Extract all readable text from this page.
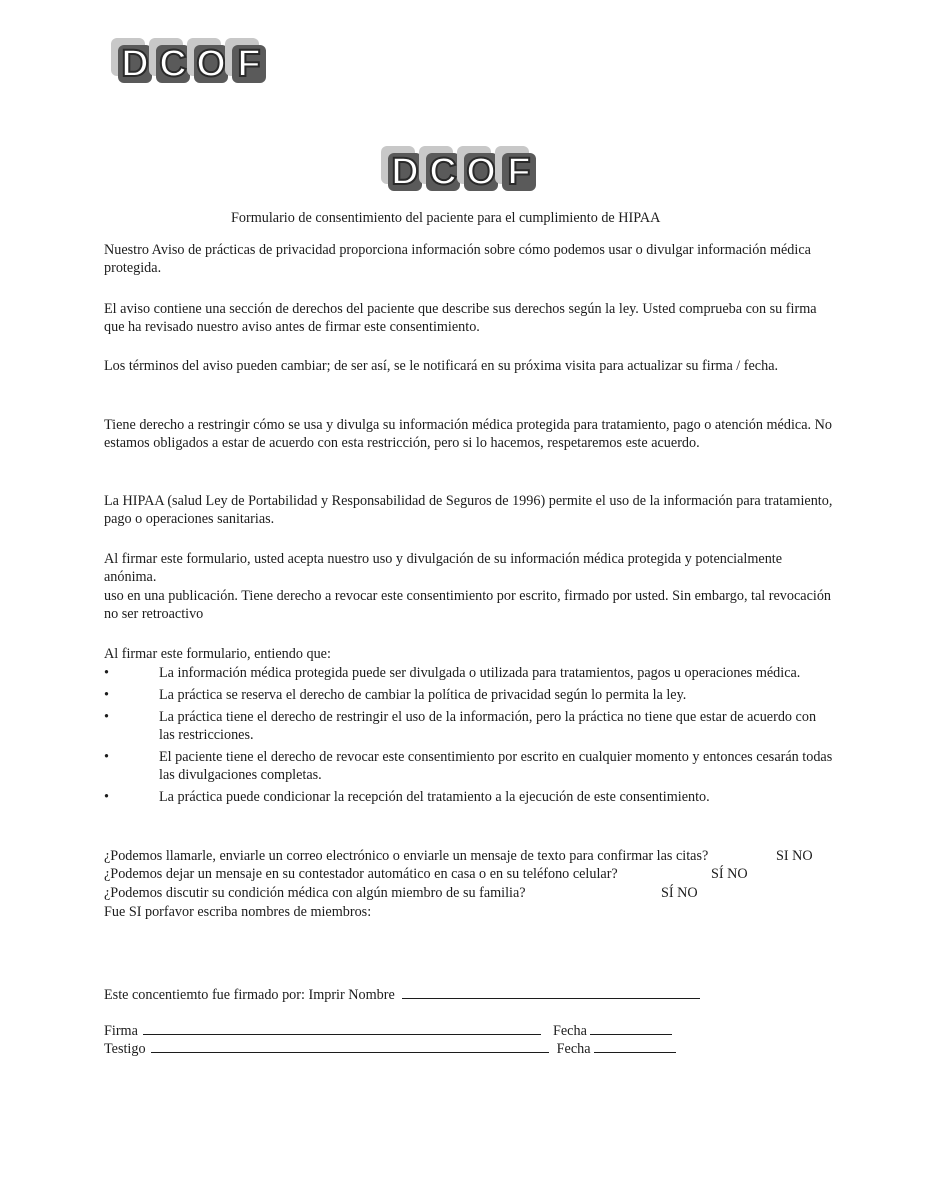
D C O F
D C O F
Formulario de consentimiento del paciente para el cumplimiento de HIPAA
Nuestro Aviso de prácticas de privacidad proporciona información sobre cómo podemos usar o divulgar información médica protegida.
El aviso contiene una sección de derechos del paciente que describe sus derechos según la ley. Usted comprueba con su firma que ha revisado nuestro aviso antes de firmar este consentimiento.
Los términos del aviso pueden cambiar; de ser así, se le notificará en su próxima visita para actualizar su firma / fecha.
Tiene derecho a restringir cómo se usa y divulga su información médica protegida para tratamiento, pago o atención médica. No estamos obligados a estar de acuerdo con esta restricción, pero si lo hacemos, respetaremos este acuerdo.
La HIPAA (salud Ley de Portabilidad y Responsabilidad de Seguros de 1996) permite el uso de la información para tratamiento, pago o operaciones sanitarias.
Al firmar este formulario, usted acepta nuestro uso y divulgación de su información médica protegida y potencialmente anónima.
uso en una publicación. Tiene derecho a revocar este consentimiento por escrito, firmado por usted. Sin embargo, tal revocación no ser retroactivo
Al firmar este formulario, entiendo que:
•	La información médica protegida puede ser divulgada o utilizada para tratamientos, pagos u operaciones médica.
•	La práctica se reserva el derecho de cambiar la política de privacidad según lo permita la ley.
•	La práctica tiene el derecho de restringir el uso de la información, pero la práctica no tiene que estar de acuerdo con las restricciones.
•	El paciente tiene el derecho de revocar este consentimiento por escrito en cualquier momento y entonces cesarán todas las divulgaciones completas.
•	La práctica puede condicionar la recepción del tratamiento a la ejecución de este consentimiento.
¿Podemos llamarle, enviarle un correo electrónico o enviarle un mensaje de texto para confirmar las citas?	SI NO
¿Podemos dejar un mensaje en su contestador automático en casa o en su teléfono celular?	SÍ NO
¿Podemos discutir su condición médica con algún miembro de su familia?	SÍ NO
Fue SI porfavor escriba nombres de miembros:
Este concentiemto fue firmado por: Imprir Nombre
Firma	Fecha
Testigo	Fecha
